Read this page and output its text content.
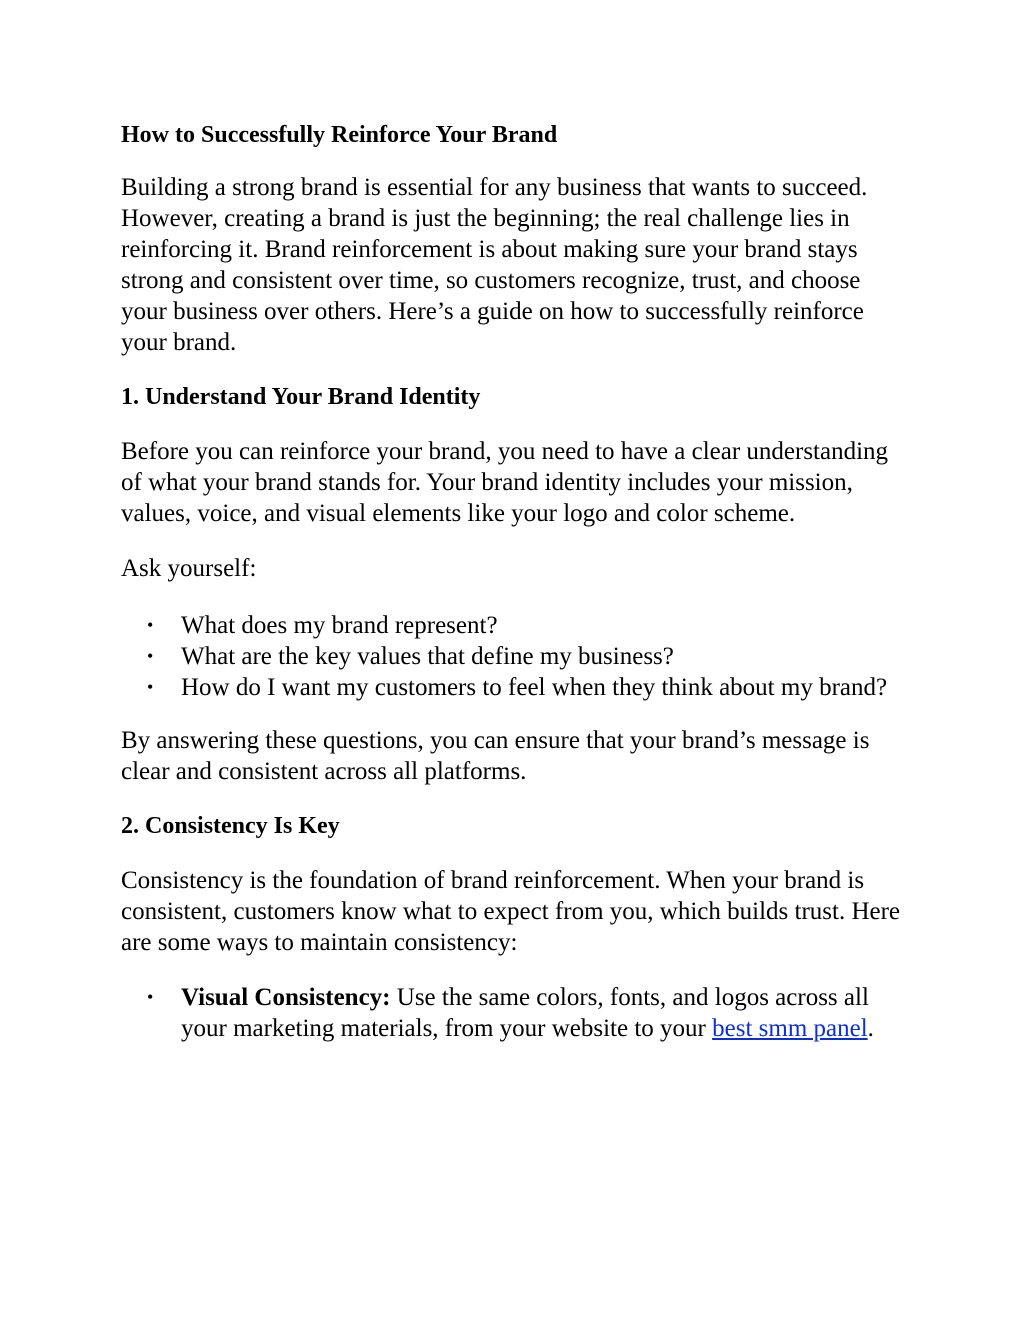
How to Successfully Reinforce Your Brand

Building a strong brand is essential for any business that wants to succeed. However, creating a brand is just the beginning; the real challenge lies in reinforcing it. Brand reinforcement is about making sure your brand stays strong and consistent over time, so customers recognize, trust, and choose your business over others. Here’s a guide on how to successfully reinforce your brand.

1. Understand Your Brand Identity

Before you can reinforce your brand, you need to have a clear understanding of what your brand stands for. Your brand identity includes your mission, values, voice, and visual elements like your logo and color scheme.

Ask yourself:

• What does my brand represent?
• What are the key values that define my business?
• How do I want my customers to feel when they think about my brand?

By answering these questions, you can ensure that your brand’s message is clear and consistent across all platforms.

2. Consistency Is Key

Consistency is the foundation of brand reinforcement. When your brand is consistent, customers know what to expect from you, which builds trust. Here are some ways to maintain consistency:

• Visual Consistency: Use the same colors, fonts, and logos across all your marketing materials, from your website to your best smm panel.
